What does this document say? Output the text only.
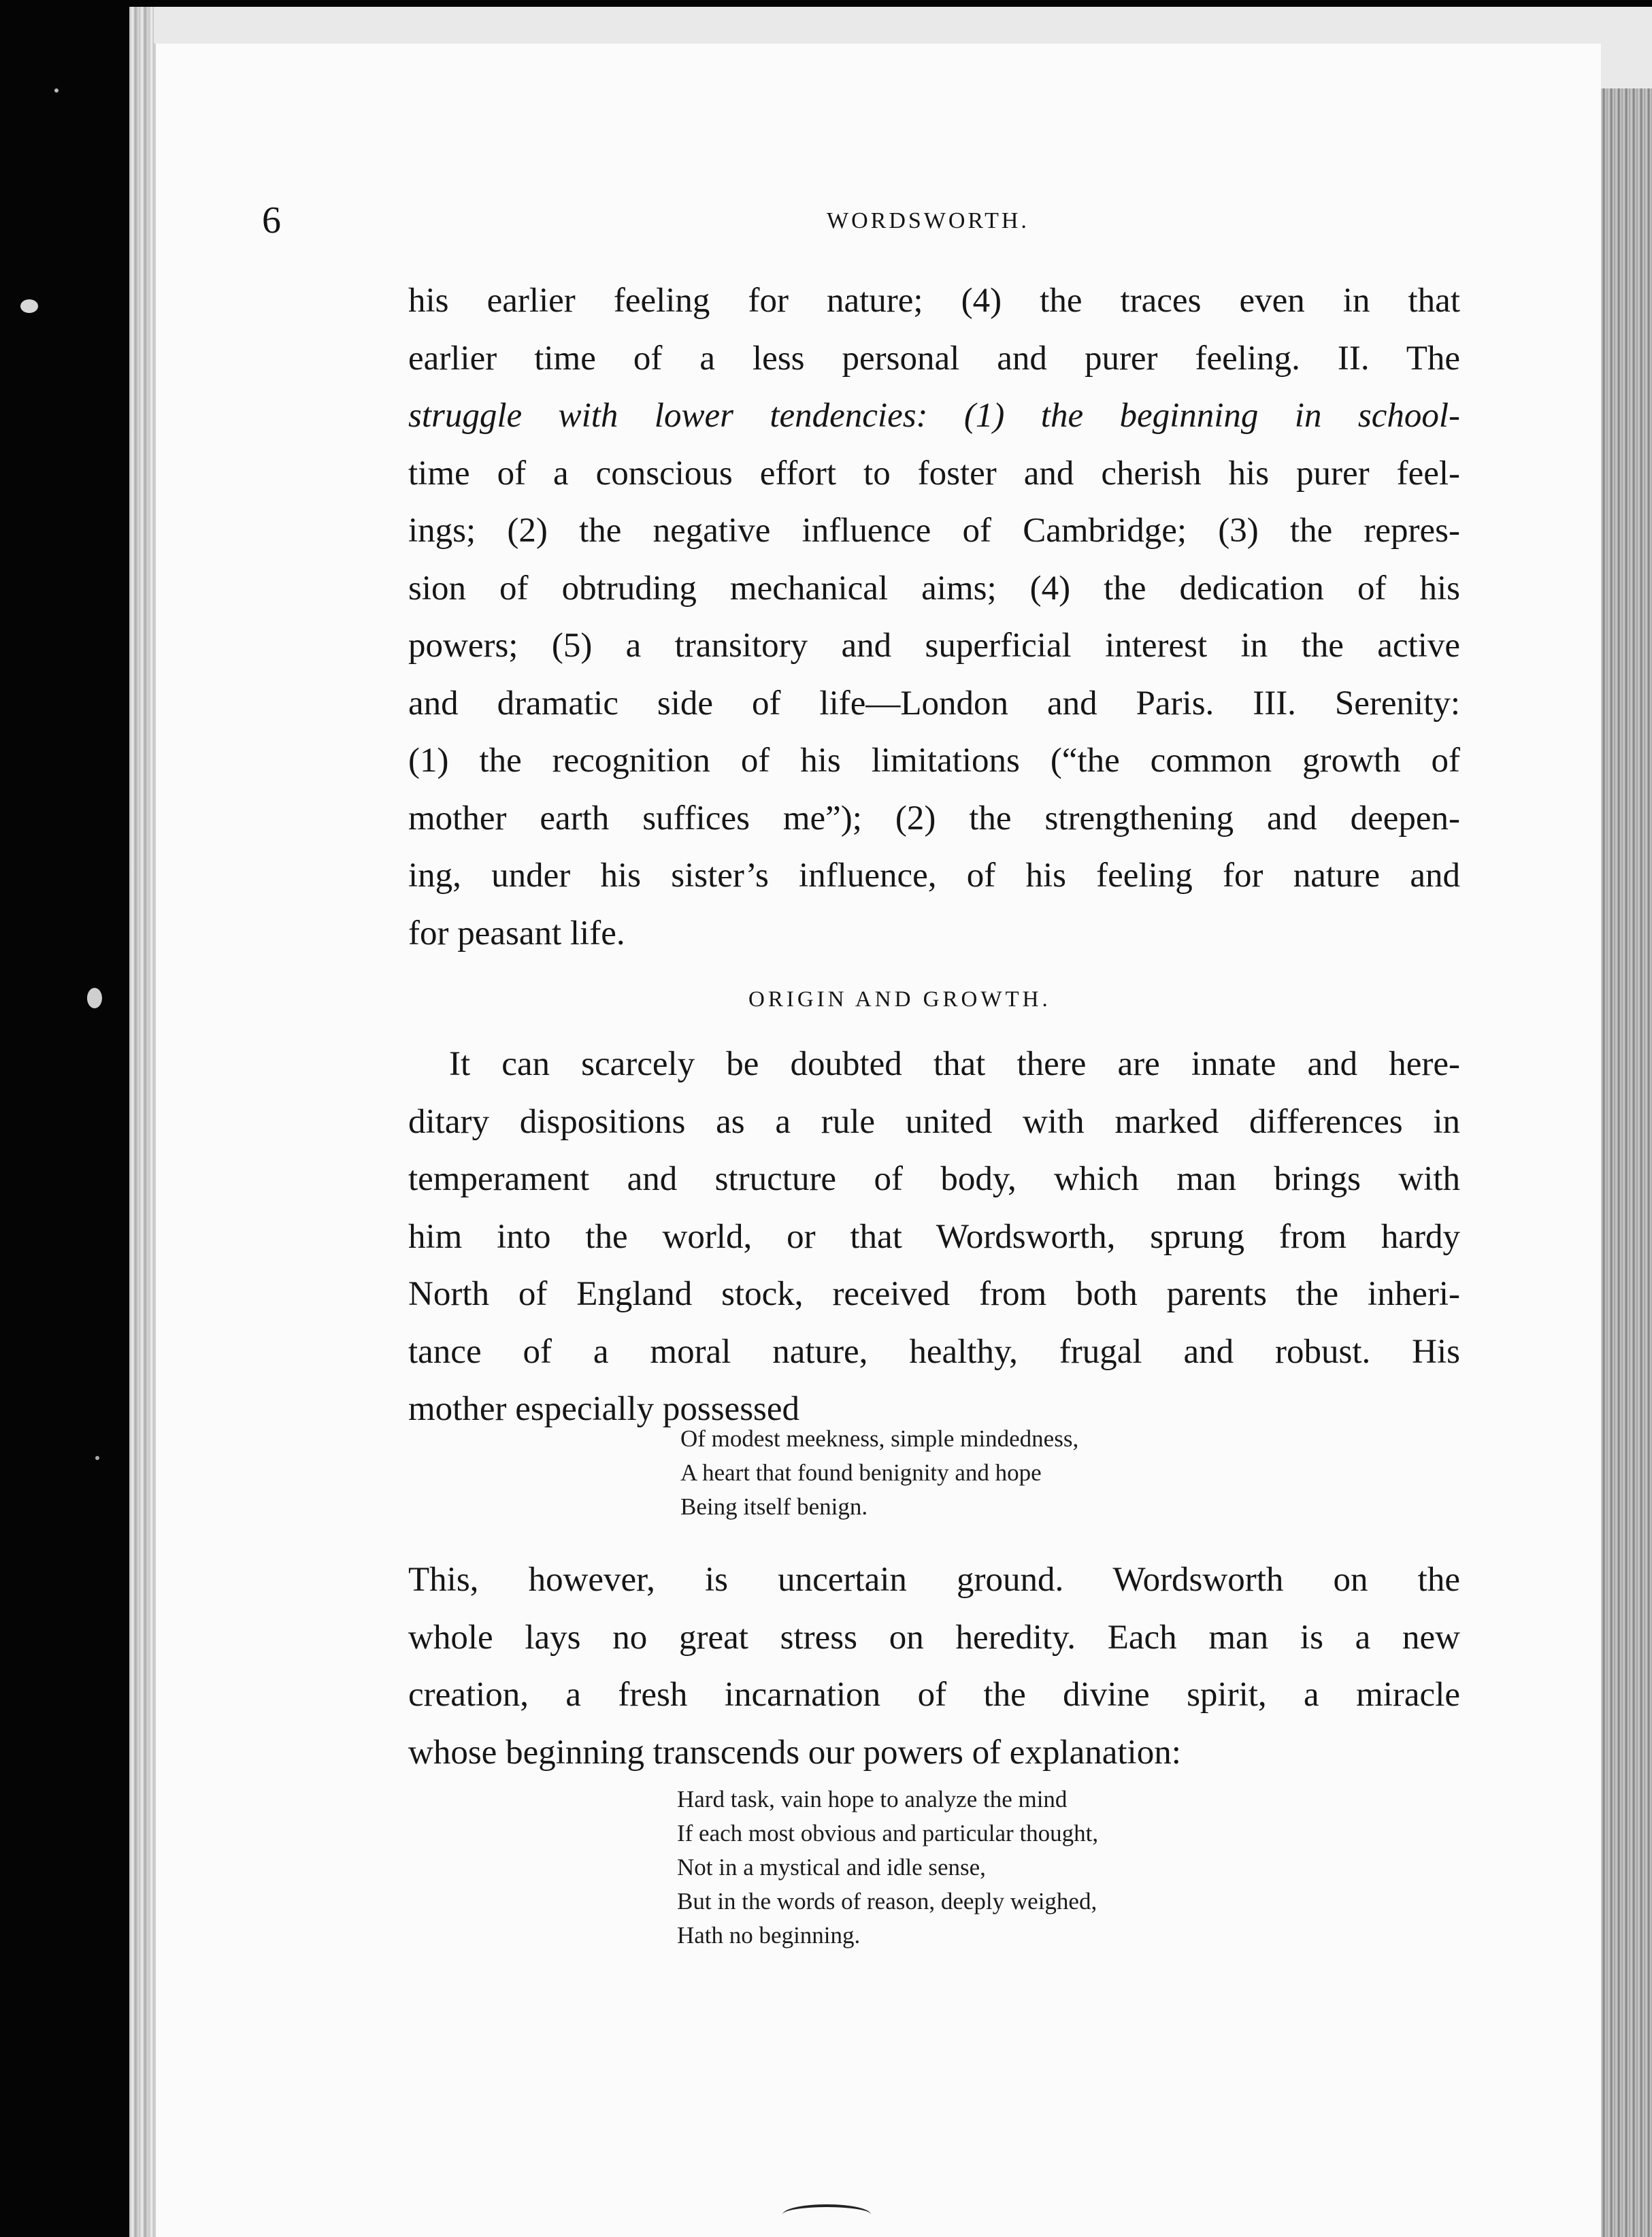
6	WORDSWORTH.
his earlier feeling for nature; (4) the traces even in that
earlier time of a less personal and purer feeling. II. The
struggle with lower tendencies: (1) the beginning in school-
time of a conscious effort to foster and cherish his purer feel-
ings; (2) the negative influence of Cambridge; (3) the repres-
sion of obtruding mechanical aims; (4) the dedication of his
powers; (5) a transitory and superficial interest in the active
and dramatic side of life—London and Paris. III. Serenity:
(1) the recognition of his limitations (“the common growth of
mother earth suffices me”); (2) the strengthening and deepen-
ing, under his sister’s influence, of his feeling for nature and
for peasant life.
ORIGIN AND GROWTH.
It can scarcely be doubted that there are innate and here-
ditary dispositions as a rule united with marked differences in
temperament and structure of body, which man brings with
him into the world, or that Wordsworth, sprung from hardy
North of England stock, received from both parents the inheri-
tance of a moral nature, healthy, frugal and robust. His
mother especially possessed
Of modest meekness, simple mindedness,
A heart that found benignity and hope
Being itself benign.
This, however, is uncertain ground. Wordsworth on the
whole lays no great stress on heredity. Each man is a new
creation, a fresh incarnation of the divine spirit, a miracle
whose beginning transcends our powers of explanation:
Hard task, vain hope to analyze the mind
If each most obvious and particular thought,
Not in a mystical and idle sense,
But in the words of reason, deeply weighed,
Hath no beginning.
